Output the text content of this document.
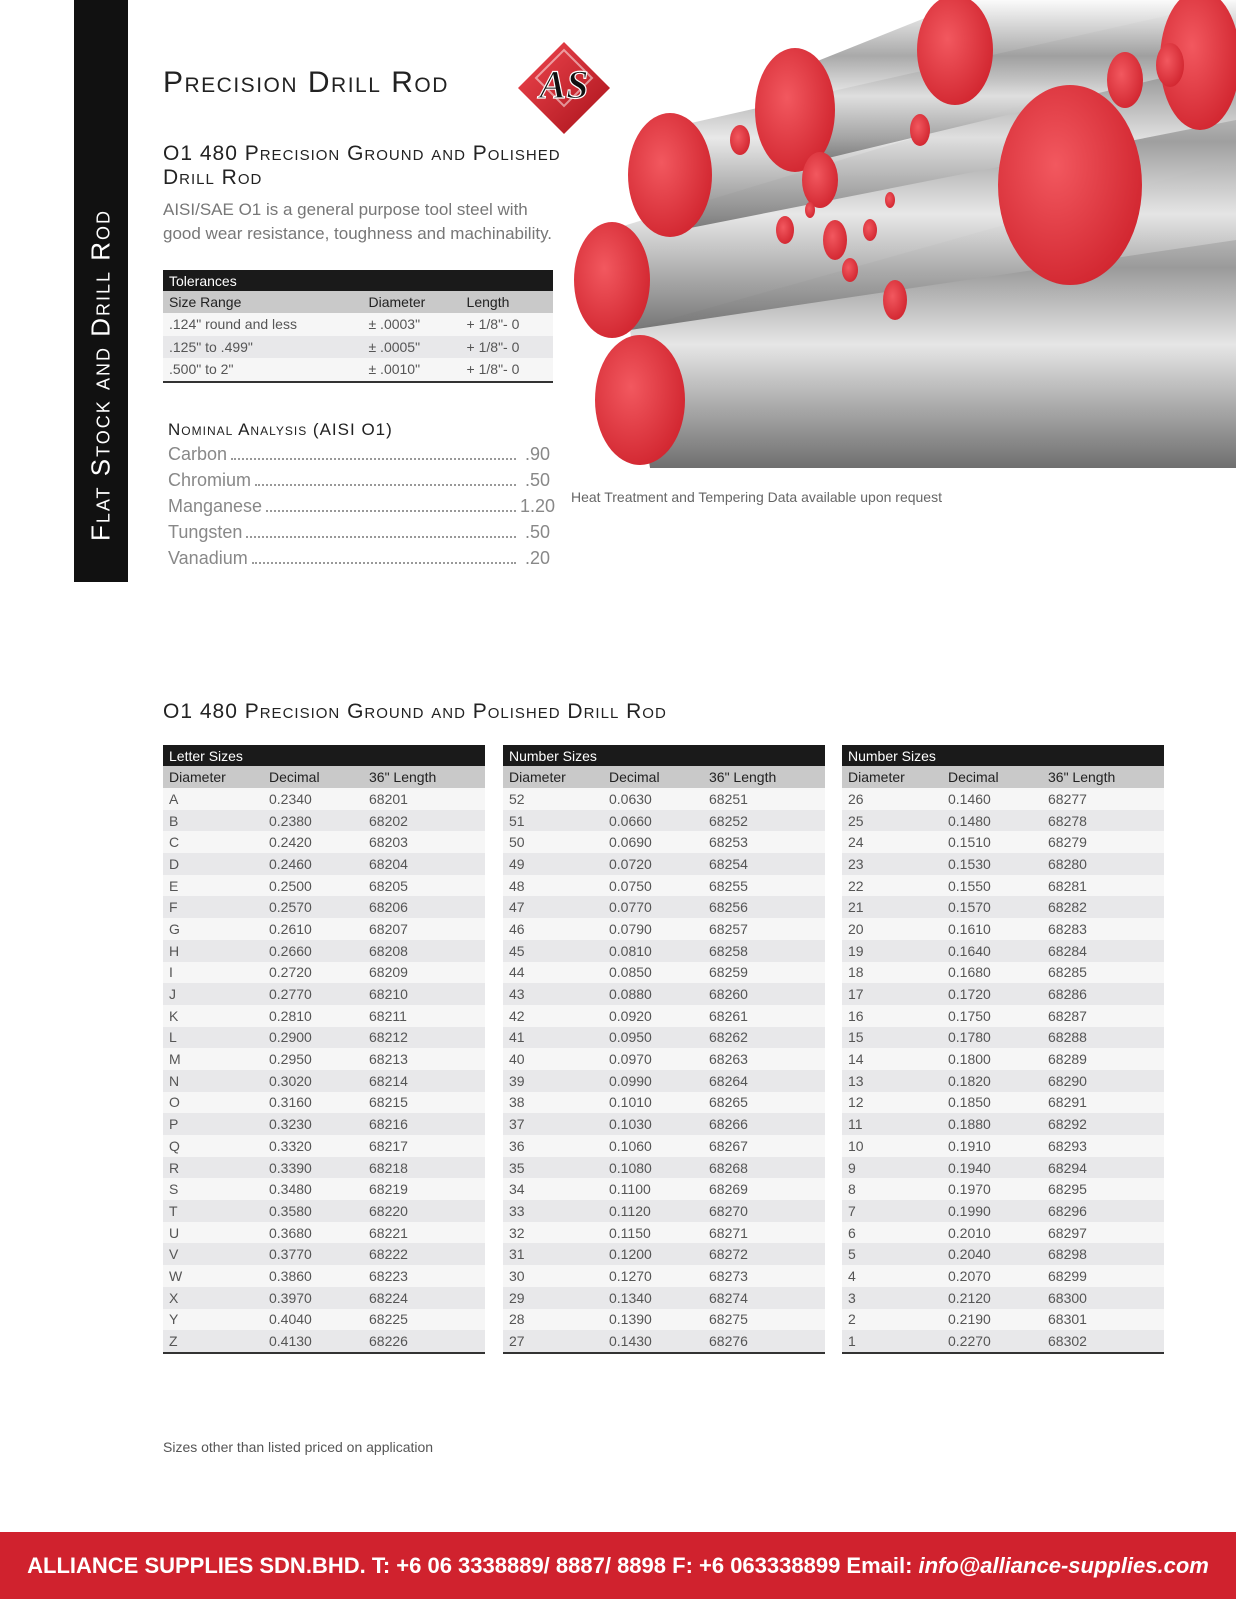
Flat Stock and Drill Rod
Precision Drill Rod AS
O1 480 Precision Ground and Polished Drill Rod
AISI/SAE O1 is a general purpose tool steel with good wear resistance, toughness and machinability.
Tolerances		
Size Range	Diameter	Length
.124" round and less	± .0003"	+ 1/8"- 0
.125" to .499"	± .0005"	+ 1/8"- 0
.500" to 2"	± .0010"	+ 1/8"- 0
Nominal Analysis (AISI O1)
Carbon	.90
Chromium	.50
Manganese	1.20
Tungsten	.50
Vanadium	.20
Heat Treatment and Tempering Data available upon request
O1 480 Precision Ground and Polished Drill Rod
Letter Sizes		
Diameter	Decimal	36" Length
A	0.2340	68201
B	0.2380	68202
C	0.2420	68203
D	0.2460	68204
E	0.2500	68205
F	0.2570	68206
G	0.2610	68207
H	0.2660	68208
I	0.2720	68209
J	0.2770	68210
K	0.2810	68211
L	0.2900	68212
M	0.2950	68213
N	0.3020	68214
O	0.3160	68215
P	0.3230	68216
Q	0.3320	68217
R	0.3390	68218
S	0.3480	68219
T	0.3580	68220
U	0.3680	68221
V	0.3770	68222
W	0.3860	68223
X	0.3970	68224
Y	0.4040	68225
Z	0.4130	68226
Number Sizes		
Diameter	Decimal	36" Length
52	0.0630	68251
51	0.0660	68252
50	0.0690	68253
49	0.0720	68254
48	0.0750	68255
47	0.0770	68256
46	0.0790	68257
45	0.0810	68258
44	0.0850	68259
43	0.0880	68260
42	0.0920	68261
41	0.0950	68262
40	0.0970	68263
39	0.0990	68264
38	0.1010	68265
37	0.1030	68266
36	0.1060	68267
35	0.1080	68268
34	0.1100	68269
33	0.1120	68270
32	0.1150	68271
31	0.1200	68272
30	0.1270	68273
29	0.1340	68274
28	0.1390	68275
27	0.1430	68276
Number Sizes		
Diameter	Decimal	36" Length
26	0.1460	68277
25	0.1480	68278
24	0.1510	68279
23	0.1530	68280
22	0.1550	68281
21	0.1570	68282
20	0.1610	68283
19	0.1640	68284
18	0.1680	68285
17	0.1720	68286
16	0.1750	68287
15	0.1780	68288
14	0.1800	68289
13	0.1820	68290
12	0.1850	68291
11	0.1880	68292
10	0.1910	68293
9	0.1940	68294
8	0.1970	68295
7	0.1990	68296
6	0.2010	68297
5	0.2040	68298
4	0.2070	68299
3	0.2120	68300
2	0.2190	68301
1	0.2270	68302
Sizes other than listed priced on application
ALLIANCE SUPPLIES SDN.BHD. T: +6 06 3338889/ 8887/ 8898 F: +6 063338899 Email: info@alliance-supplies.com
